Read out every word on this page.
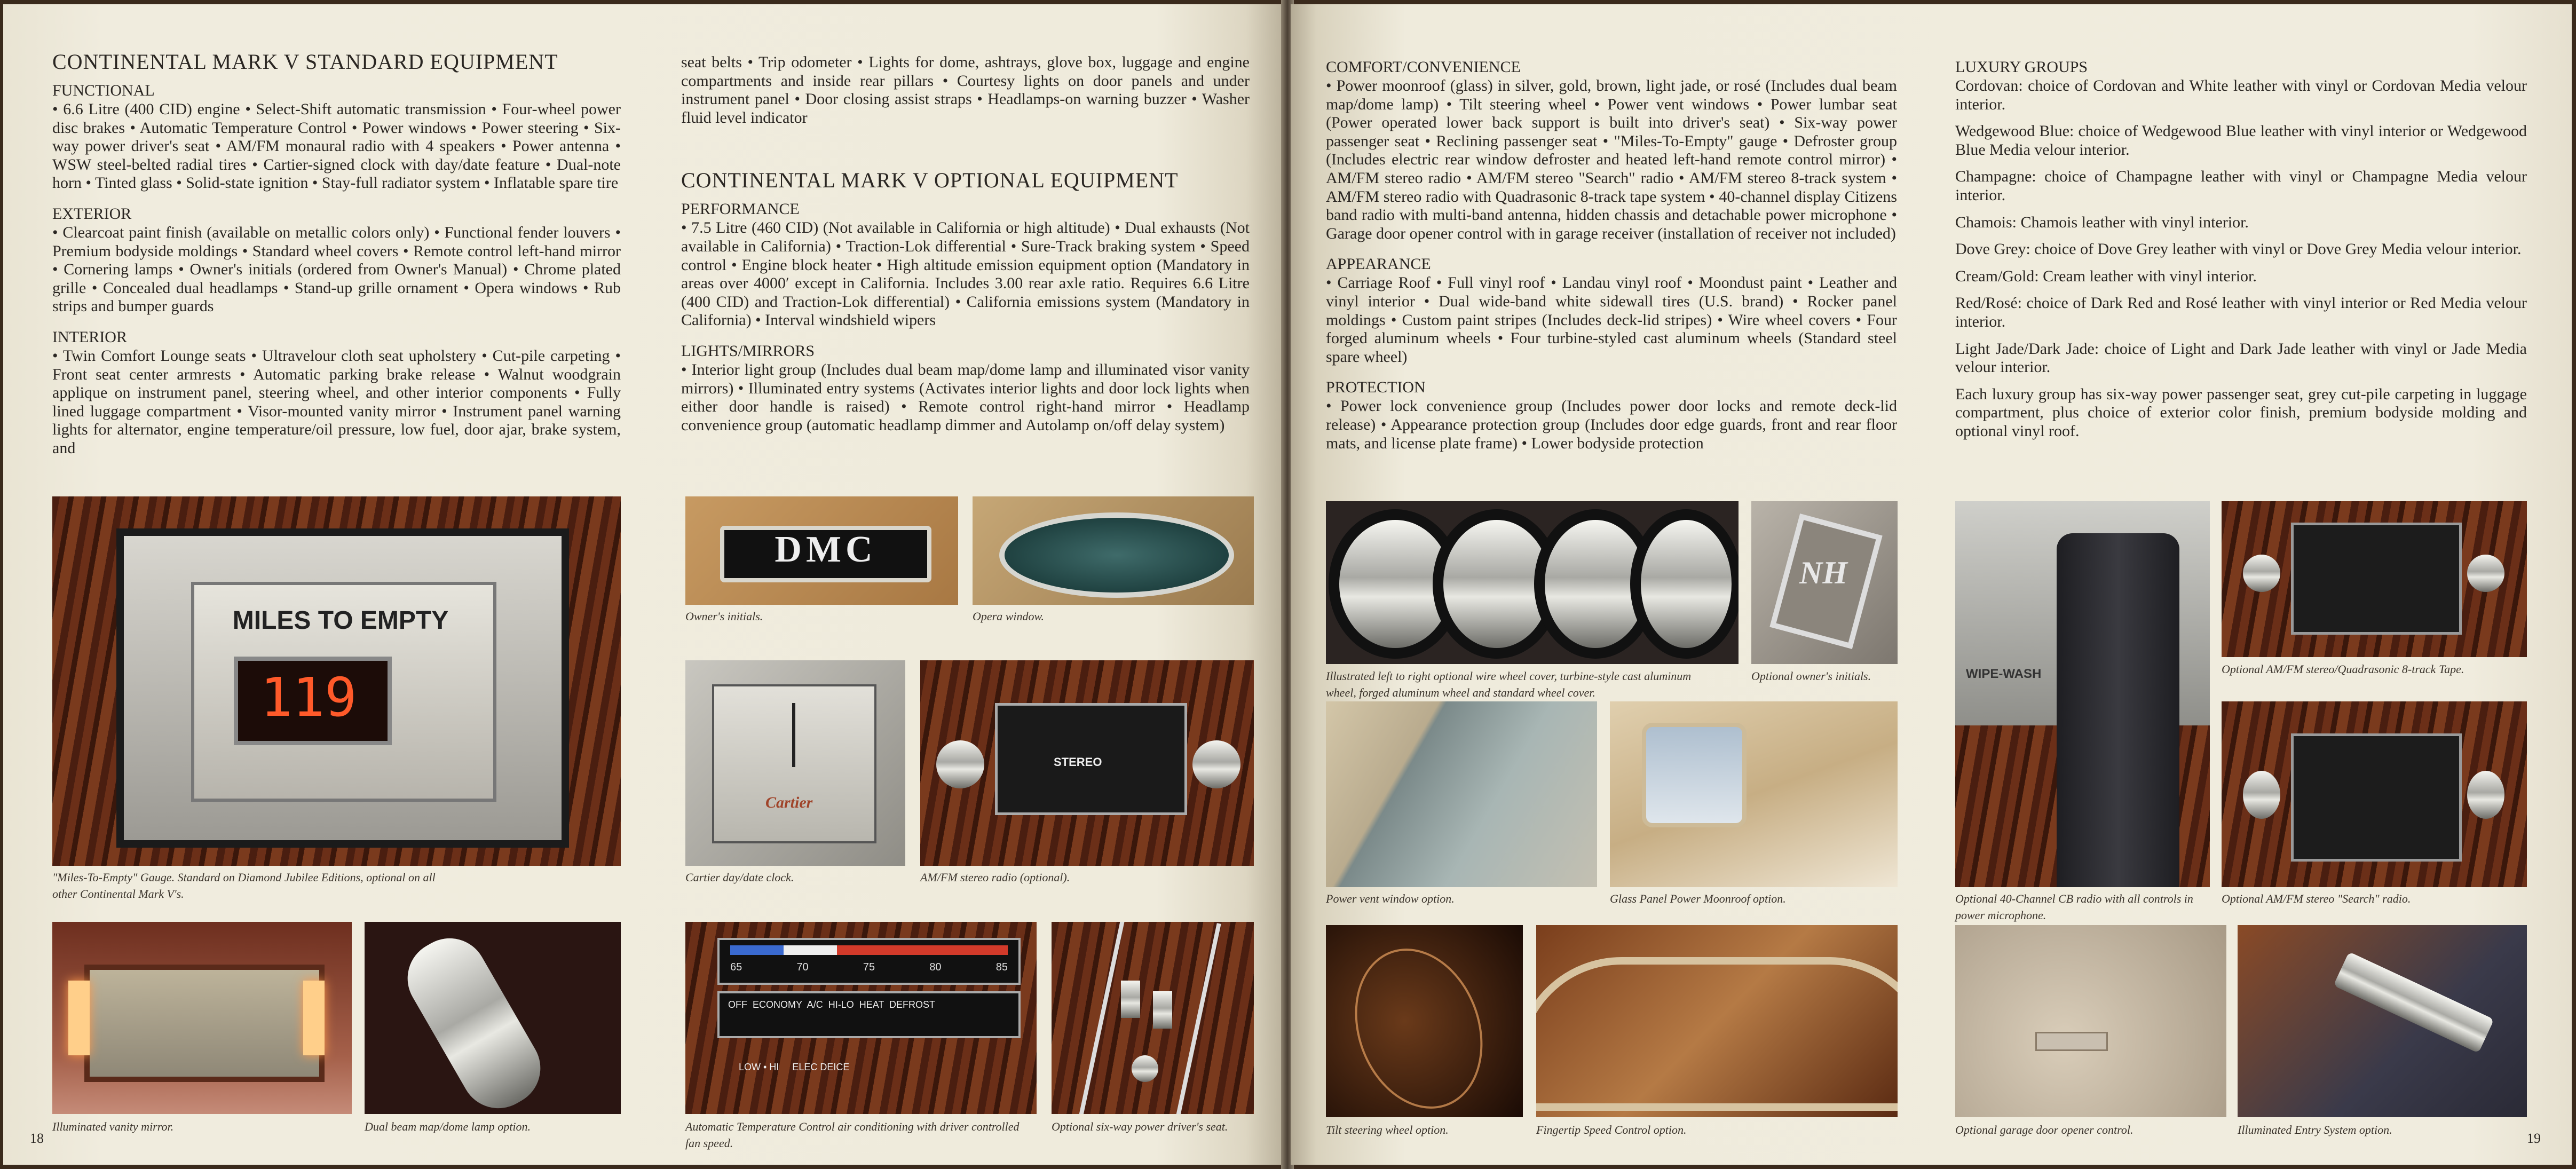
CONTINENTAL MARK V STANDARD EQUIPMENT
FUNCTIONAL
• 6.6 Litre (400 CID) engine • Select-Shift automatic transmission • Four-wheel power disc brakes • Automatic Temperature Control • Power windows • Power steering • Six-way power driver's seat • AM/FM monaural radio with 4 speakers • Power antenna • WSW steel-belted radial tires • Cartier-signed clock with day/date feature • Dual-note horn • Tinted glass • Solid-state ignition • Stay-full radiator system • Inflatable spare tire
EXTERIOR
• Clearcoat paint finish (available on metallic colors only) • Functional fender louvers • Premium bodyside moldings • Standard wheel covers • Remote control left-hand mirror • Cornering lamps • Owner's initials (ordered from Owner's Manual) • Chrome plated grille • Concealed dual headlamps • Stand-up grille ornament • Opera windows • Rub strips and bumper guards
INTERIOR
• Twin Comfort Lounge seats • Ultravelour cloth seat upholstery • Cut-pile carpeting • Front seat center armrests • Automatic parking brake release • Walnut woodgrain applique on instrument panel, steering wheel, and other interior components • Fully lined luggage compartment • Visor-mounted vanity mirror • Instrument panel warning lights for alternator, engine temperature/oil pressure, low fuel, door ajar, brake system, and
seat belts • Trip odometer • Lights for dome, ashtrays, glove box, luggage and engine compartments and inside rear pillars • Courtesy lights on door panels and under instrument panel • Door closing assist straps • Headlamps-on warning buzzer • Washer fluid level indicator
CONTINENTAL MARK V OPTIONAL EQUIPMENT
PERFORMANCE
• 7.5 Litre (460 CID) (Not available in California or high altitude) • Dual exhausts (Not available in California) • Traction-Lok differential • Sure-Track braking system • Speed control • Engine block heater • High altitude emission equipment option (Mandatory in areas over 4000′ except in California. Includes 3.00 rear axle ratio. Requires 6.6 Litre (400 CID) and Traction-Lok differential) • California emissions system (Mandatory in California) • Interval windshield wipers
LIGHTS/MIRRORS
• Interior light group (Includes dual beam map/dome lamp and illuminated visor vanity mirrors) • Illuminated entry systems (Activates interior lights and door lock lights when either door handle is raised) • Remote control right-hand mirror • Headlamp convenience group (automatic headlamp dimmer and Autolamp on/off delay system)
MILES TO EMPTY
119
"Miles-To-Empty" Gauge. Standard on Diamond Jubilee Editions, optional on all other Continental Mark V's.
DMC
Owner's initials.	Opera window.
Cartier
Cartier day/date clock.
STEREO
AM/FM stereo radio (optional).
Illuminated vanity mirror.	Dual beam map/dome lamp option.
65	70	75	80	85
OFF  ECONOMY  A/C  HI-LO  HEAT  DEFROST
LOW • HI     ELEC DEICE
Automatic Temperature Control air conditioning with driver controlled fan speed.
Optional six-way power driver's seat.
18
COMFORT/CONVENIENCE
• Power moonroof (glass) in silver, gold, brown, light jade, or rosé (Includes dual beam map/dome lamp) • Tilt steering wheel • Power vent windows • Power lumbar seat (Power operated lower back support is built into driver's seat) • Six-way power passenger seat • Reclining passenger seat • "Miles-To-Empty" gauge • Defroster group (Includes electric rear window defroster and heated left-hand remote control mirror) • AM/FM stereo radio • AM/FM stereo "Search" radio • AM/FM stereo 8-track system • AM/FM stereo radio with Quadrasonic 8-track tape system • 40-channel display Citizens band radio with multi-band antenna, hidden chassis and detachable power microphone • Garage door opener control with in garage receiver (installation of receiver not included)
APPEARANCE
• Carriage Roof • Full vinyl roof • Landau vinyl roof • Moondust paint • Leather and vinyl interior • Dual wide-band white sidewall tires (U.S. brand) • Rocker panel moldings • Custom paint stripes (Includes deck-lid stripes) • Wire wheel covers • Four forged aluminum wheels • Four turbine-styled cast aluminum wheels (Standard steel spare wheel)
PROTECTION
• Power lock convenience group (Includes power door locks and remote deck-lid release) • Appearance protection group (Includes door edge guards, front and rear floor mats, and license plate frame) • Lower bodyside protection
LUXURY GROUPS
Cordovan: choice of Cordovan and White leather with vinyl or Cordovan Media velour interior.
Wedgewood Blue: choice of Wedgewood Blue leather with vinyl interior or Wedgewood Blue Media velour interior.
Champagne: choice of Champagne leather with vinyl or Champagne Media velour interior.
Chamois: Chamois leather with vinyl interior.
Dove Grey: choice of Dove Grey leather with vinyl or Dove Grey Media velour interior.
Cream/Gold: Cream leather with vinyl interior.
Red/Rosé: choice of Dark Red and Rosé leather with vinyl interior or Red Media velour interior.
Light Jade/Dark Jade: choice of Light and Dark Jade leather with vinyl or Jade Media velour interior.
Each luxury group has six-way power passenger seat, grey cut-pile carpeting in luggage compartment, plus choice of exterior color finish, premium bodyside molding and optional vinyl roof.
Illustrated left to right optional wire wheel cover, turbine-style cast aluminum wheel, forged aluminum wheel and standard wheel cover.
NH
Optional owner's initials.
Power vent window option.	Glass Panel Power Moonroof option.
Tilt steering wheel option.	Fingertip Speed Control option.
WIPE-WASH
Optional 40-Channel CB radio with all controls in power microphone.
Optional AM/FM stereo/Quadrasonic 8-track Tape.
Optional AM/FM stereo "Search" radio.
Optional garage door opener control.	Illuminated Entry System option.
19
